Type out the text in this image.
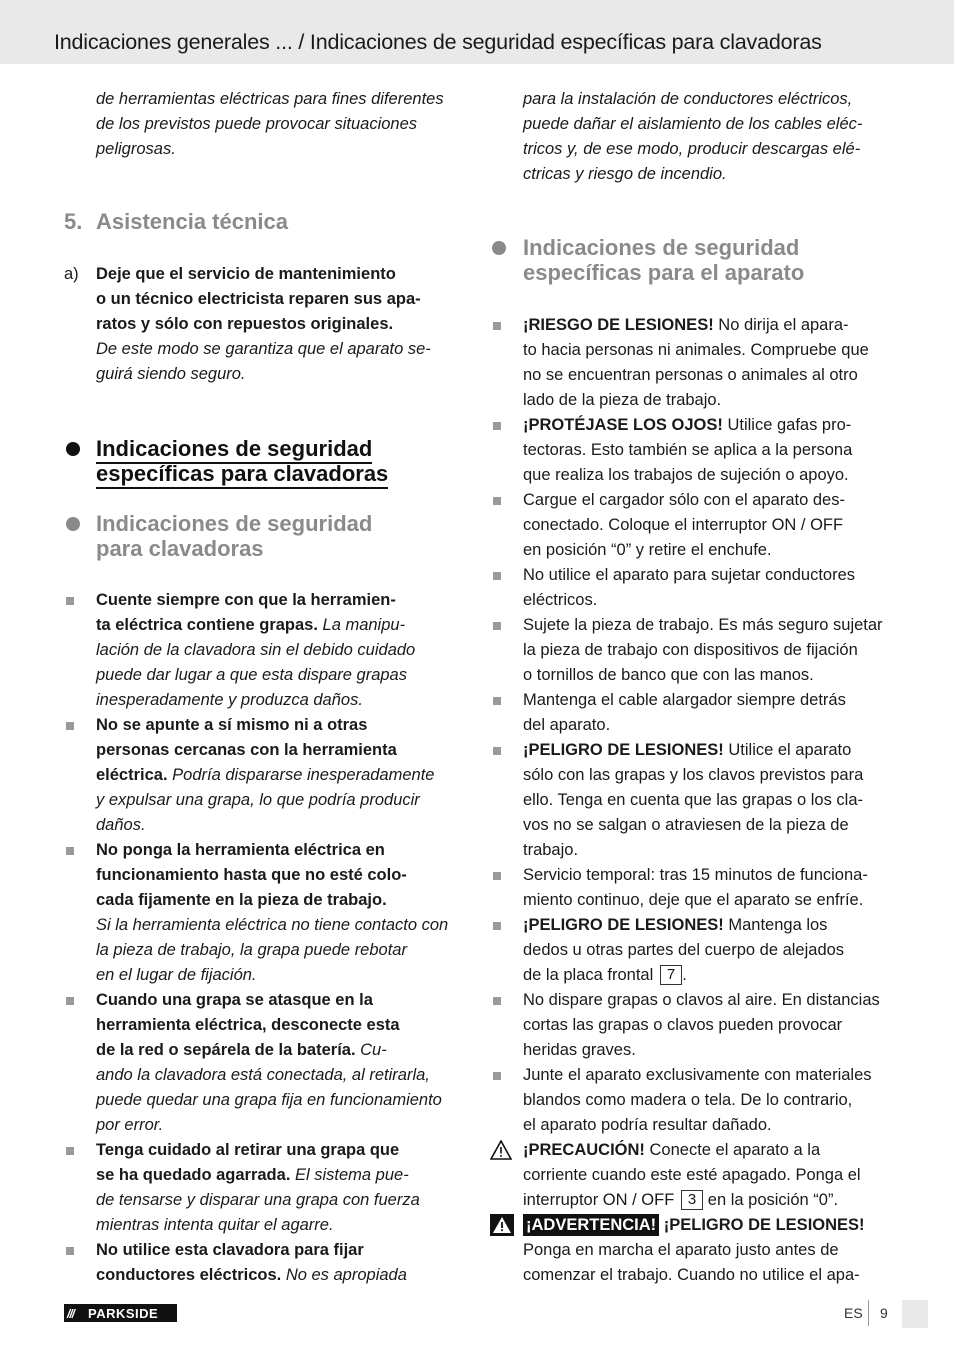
Indicaciones generales ... / Indicaciones de seguridad específicas para clavadoras
de herramientas eléctricas para fines diferentes
de los previstos puede provocar situaciones
peligrosas.
5. Asistencia técnica
a) Deje que el servicio de mantenimiento
o un técnico electricista reparen sus apa-
ratos y sólo con repuestos originales.
De este modo se garantiza que el aparato se-
guirá siendo seguro.
Indicaciones de seguridad
específicas para clavadoras
Indicaciones de seguridad
para clavadoras
Cuente siempre con que la herramien-
ta eléctrica contiene grapas. La manipu-
lación de la clavadora sin el debido cuidado
puede dar lugar a que esta dispare grapas
inesperadamente y produzca daños.
No se apunte a sí mismo ni a otras
personas cercanas con la herramienta
eléctrica. Podría dispararse inesperadamente
y expulsar una grapa, lo que podría producir
daños.
No ponga la herramienta eléctrica en
funcionamiento hasta que no esté colo-
cada fijamente en la pieza de trabajo.
Si la herramienta eléctrica no tiene contacto con
la pieza de trabajo, la grapa puede rebotar
en el lugar de fijación.
Cuando una grapa se atasque en la
herramienta eléctrica, desconecte esta
de la red o sepárela de la batería. Cu-
ando la clavadora está conectada, al retirarla,
puede quedar una grapa fija en funcionamiento
por error.
Tenga cuidado al retirar una grapa que
se ha quedado agarrada. El sistema pue-
de tensarse y disparar una grapa con fuerza
mientras intenta quitar el agarre.
No utilice esta clavadora para fijar
conductores eléctricos. No es apropiada
para la instalación de conductores eléctricos,
puede dañar el aislamiento de los cables eléc-
tricos y, de ese modo, producir descargas elé-
ctricas y riesgo de incendio.
Indicaciones de seguridad
específicas para el aparato
¡RIESGO DE LESIONES! No dirija el apara-
to hacia personas ni animales. Compruebe que
no se encuentran personas o animales al otro
lado de la pieza de trabajo.
¡PROTÉJASE LOS OJOS! Utilice gafas pro-
tectoras. Esto también se aplica a la persona
que realiza los trabajos de sujeción o apoyo.
Cargue el cargador sólo con el aparato des-
conectado. Coloque el interruptor ON / OFF
en posición “0” y retire el enchufe.
No utilice el aparato para sujetar conductores
eléctricos.
Sujete la pieza de trabajo. Es más seguro sujetar
la pieza de trabajo con dispositivos de fijación
o tornillos de banco que con las manos.
Mantenga el cable alargador siempre detrás
del aparato.
¡PELIGRO DE LESIONES! Utilice el aparato
sólo con las grapas y los clavos previstos para
ello. Tenga en cuenta que las grapas o los cla-
vos no se salgan o atraviesen de la pieza de
trabajo.
Servicio temporal: tras 15 minutos de funciona-
miento continuo, deje que el aparato se enfríe.
¡PELIGRO DE LESIONES! Mantenga los
dedos u otras partes del cuerpo de alejados
de la placa frontal 7 .
No dispare grapas o clavos al aire. En distancias
cortas las grapas o clavos pueden provocar
heridas graves.
Junte el aparato exclusivamente con materiales
blandos como madera o tela. De lo contrario,
el aparato podría resultar dañado.
¡PRECAUCIÓN! Conecte el aparato a la
corriente cuando este esté apagado. Ponga el
interruptor ON / OFF 3 en la posición “0”.
¡ADVERTENCIA! ¡PELIGRO DE LESIONES!
Ponga en marcha el aparato justo antes de
comenzar el trabajo. Cuando no utilice el apa-
/// PARKSIDE	ES 9
